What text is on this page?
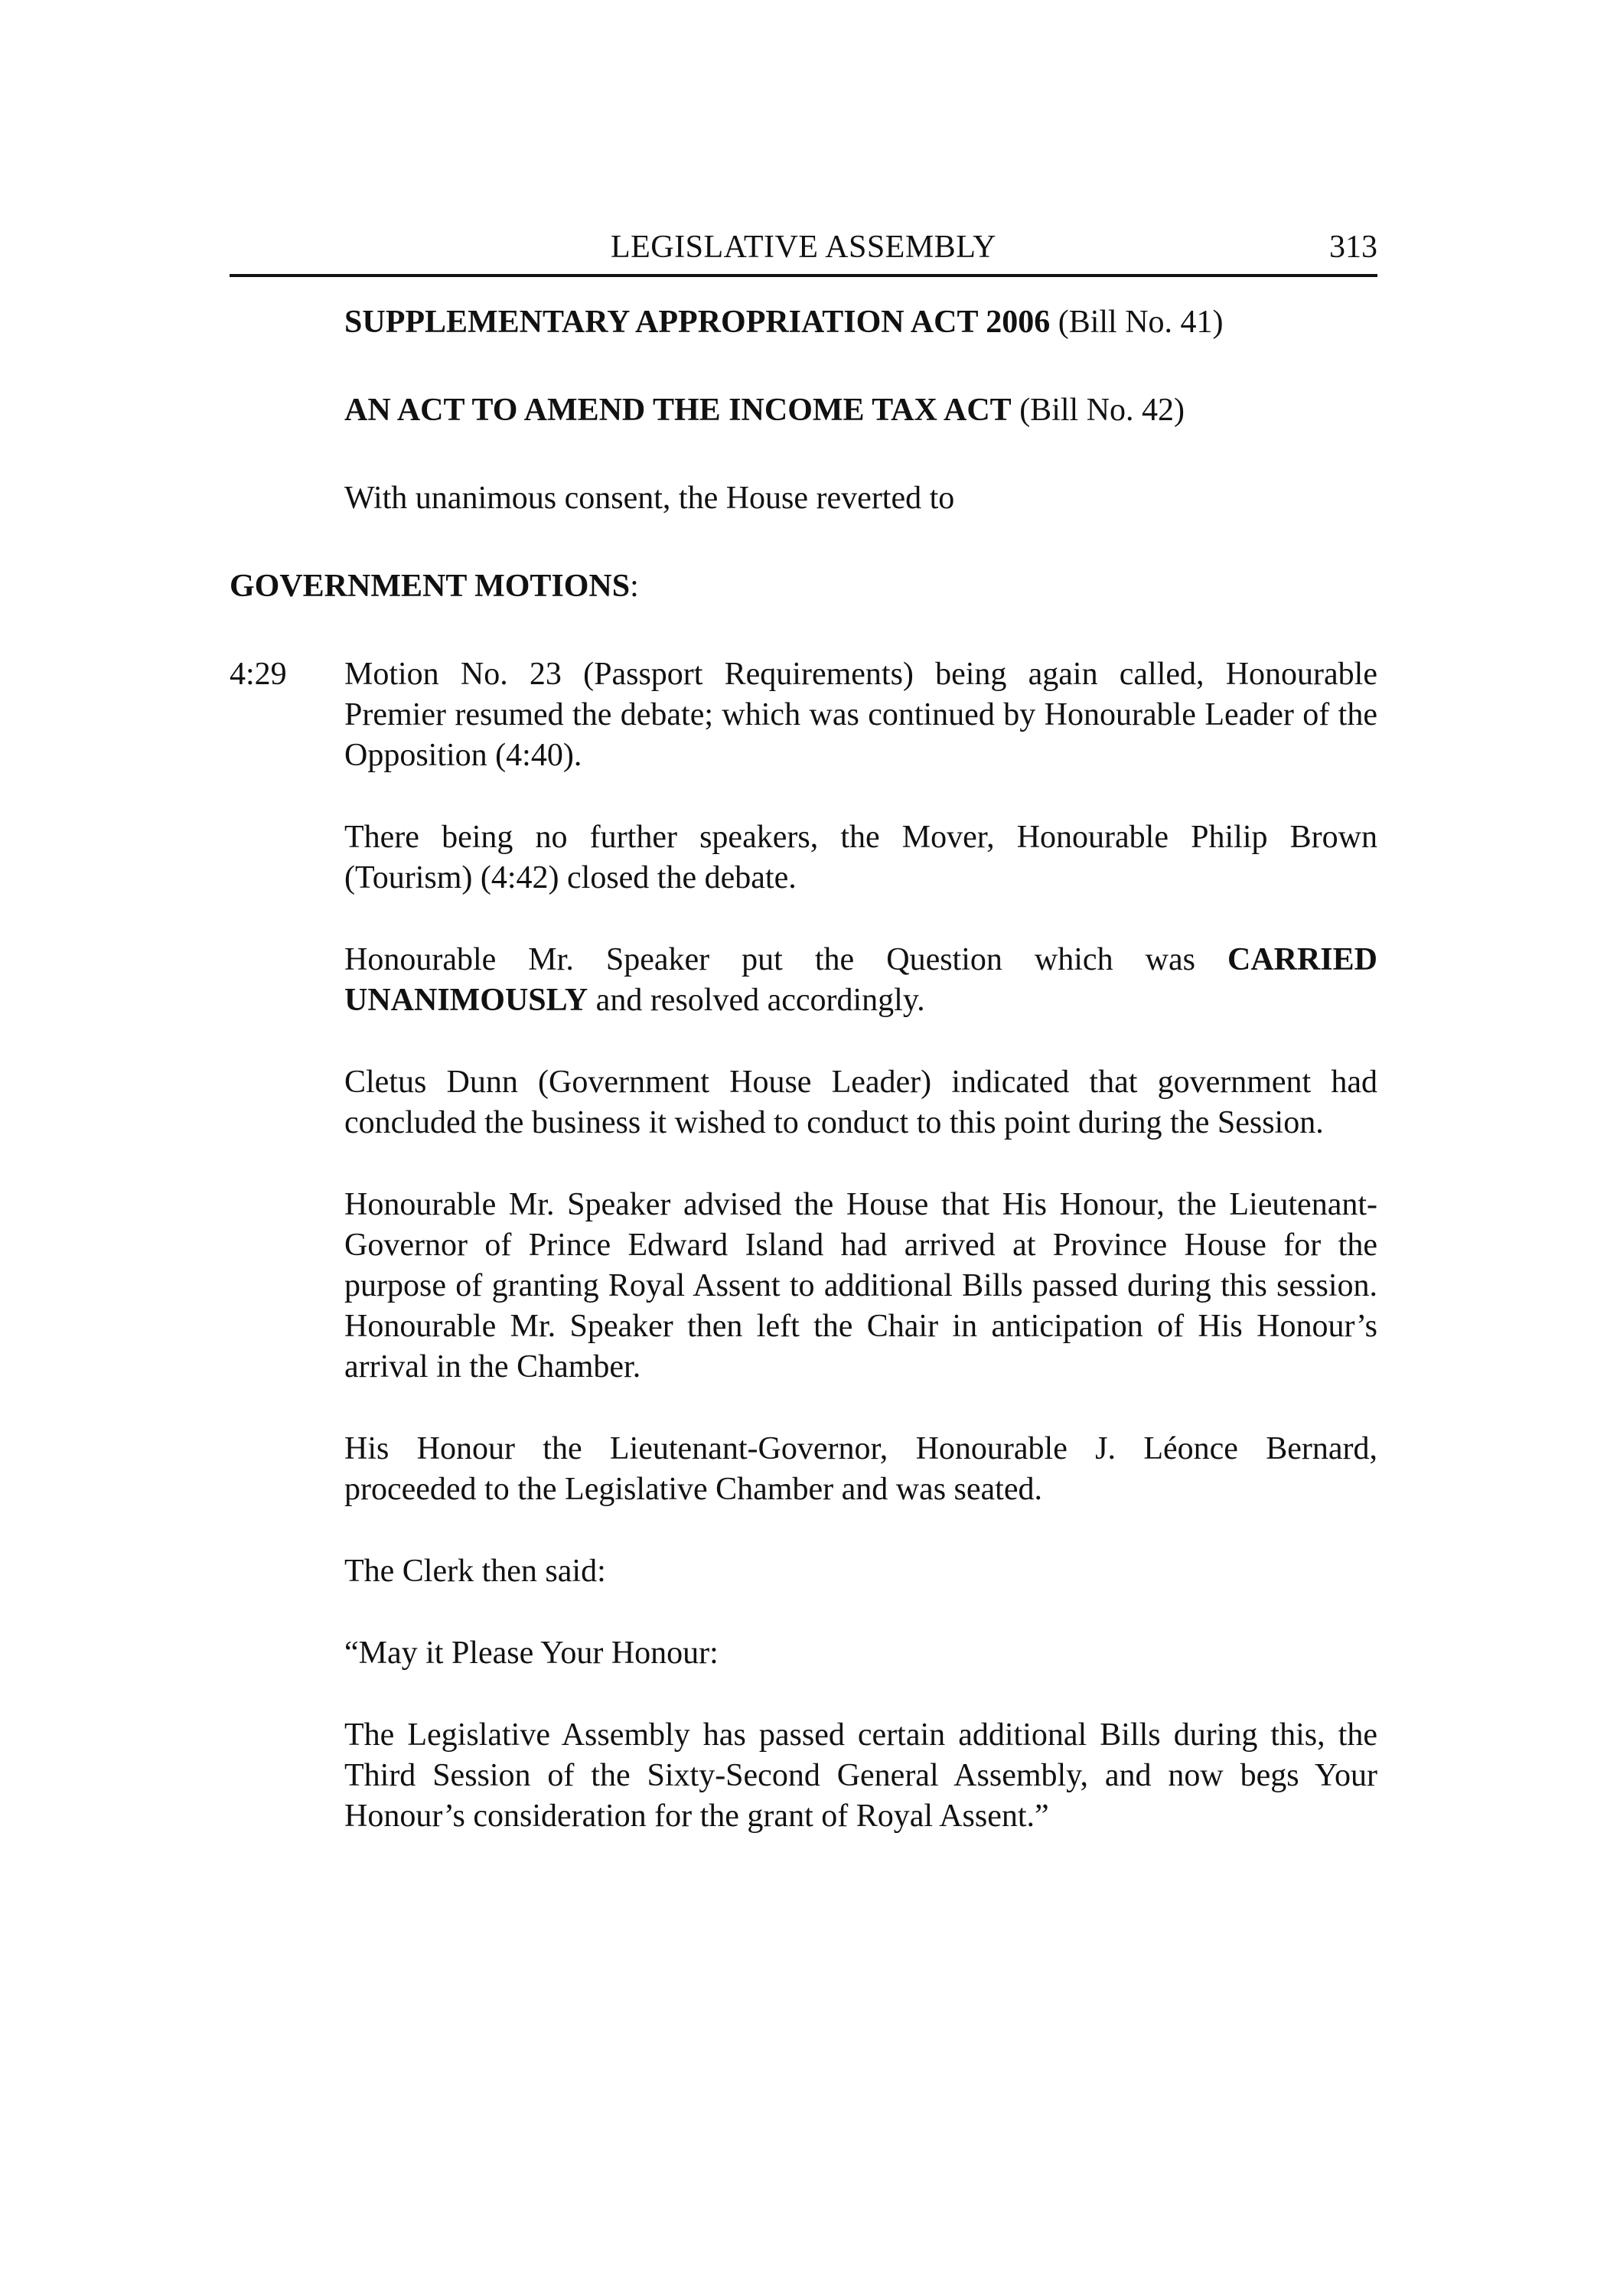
LEGISLATIVE ASSEMBLY	313
SUPPLEMENTARY APPROPRIATION ACT 2006 (Bill No. 41)
AN ACT TO AMEND THE INCOME TAX ACT (Bill No. 42)
With unanimous consent, the House reverted to
GOVERNMENT MOTIONS:
4:29	Motion No. 23 (Passport Requirements) being again called, Honourable Premier resumed the debate; which was continued by Honourable Leader of the Opposition (4:40).
There being no further speakers, the Mover, Honourable Philip Brown (Tourism) (4:42) closed the debate.
Honourable Mr. Speaker put the Question which was CARRIED UNANIMOUSLY and resolved accordingly.
Cletus Dunn (Government House Leader) indicated that government had concluded the business it wished to conduct to this point during the Session.
Honourable Mr. Speaker advised the House that His Honour, the Lieutenant-Governor of Prince Edward Island had arrived at Province House for the purpose of granting Royal Assent to additional Bills passed during this session. Honourable Mr. Speaker then left the Chair in anticipation of His Honour’s arrival in the Chamber.
His Honour the Lieutenant-Governor, Honourable J. Léonce Bernard, proceeded to the Legislative Chamber and was seated.
The Clerk then said:
“May it Please Your Honour:
The Legislative Assembly has passed certain additional Bills during this, the Third Session of the Sixty-Second General Assembly, and now begs Your Honour’s consideration for the grant of Royal Assent.”
